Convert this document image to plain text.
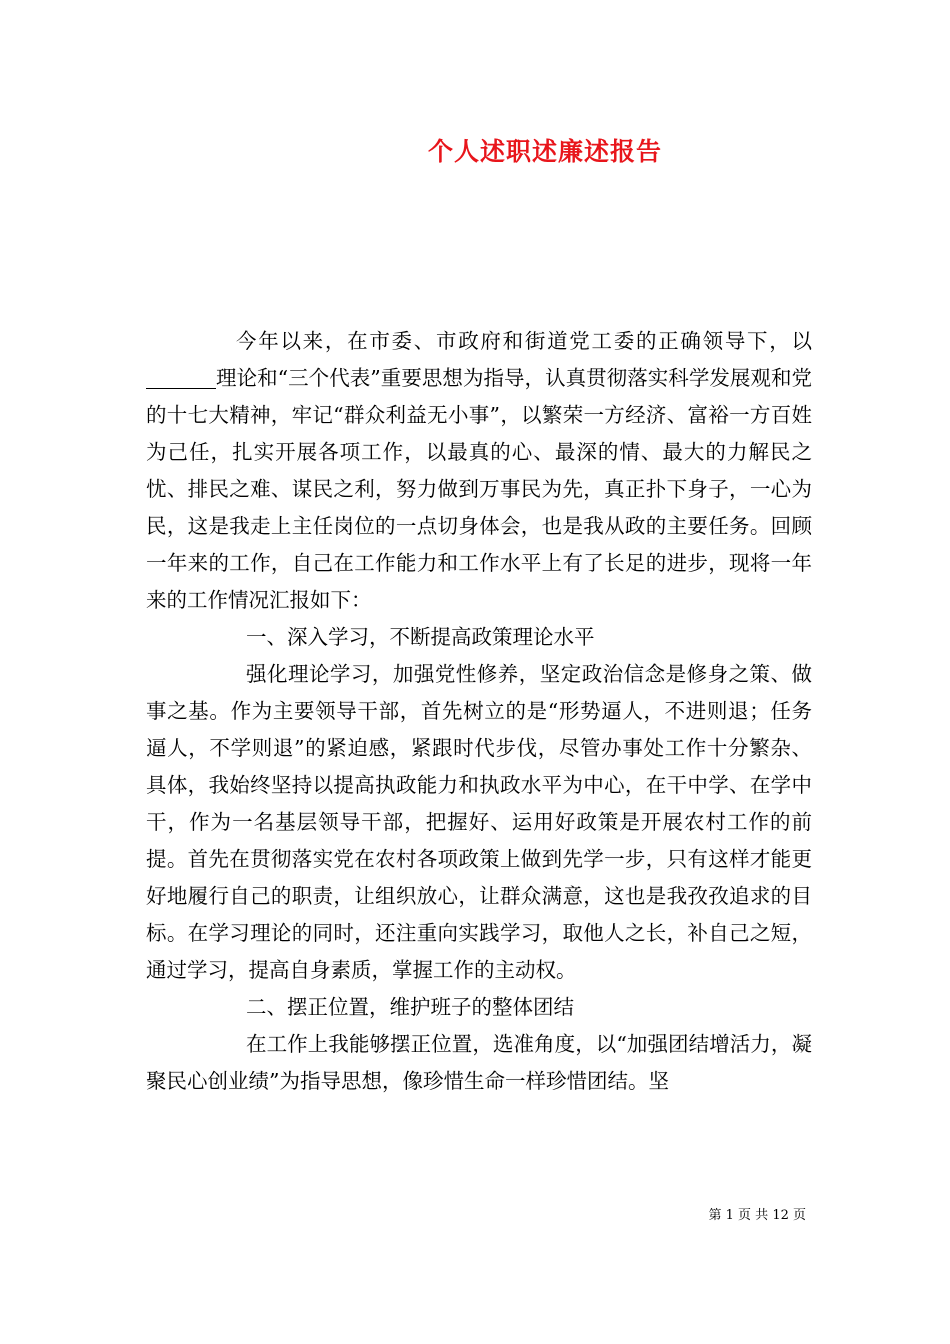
个人述职述廉述报告

今年以来，在市委、市政府和街道党工委的正确领导下，以理论和“三个代表”重要思想为指导，认真贯彻落实科学发展观和党的十七大精神，牢记“群众利益无小事”，以繁荣一方经济、富裕一方百姓为己任，扎实开展各项工作，以最真的心、最深的情、最大的力解民之忧、排民之难、谋民之利，努力做到万事民为先，真正扑下身子，一心为民，这是我走上主任岗位的一点切身体会，也是我从政的主要任务。回顾一年来的工作，自己在工作能力和工作水平上有了长足的进步，现将一年来的工作情况汇报如下：

一、深入学习，不断提高政策理论水平

强化理论学习，加强党性修养，坚定政治信念是修身之策、做事之基。作为主要领导干部，首先树立的是“形势逼人，不进则退；任务逼人，不学则退”的紧迫感，紧跟时代步伐，尽管办事处工作十分繁杂、具体，我始终坚持以提高执政能力和执政水平为中心，在干中学、在学中干，作为一名基层领导干部，把握好、运用好政策是开展农村工作的前提。首先在贯彻落实党在农村各项政策上做到先学一步，只有这样才能更好地履行自己的职责，让组织放心，让群众满意，这也是我孜孜追求的目标。在学习理论的同时，还注重向实践学习，取他人之长，补自己之短，通过学习，提高自身素质，掌握工作的主动权。

二、摆正位置，维护班子的整体团结

在工作上我能够摆正位置，选准角度，以“加强团结增活力，凝聚民心创业绩”为指导思想，像珍惜生命一样珍惜团结。坚

第 1 页 共 12 页
